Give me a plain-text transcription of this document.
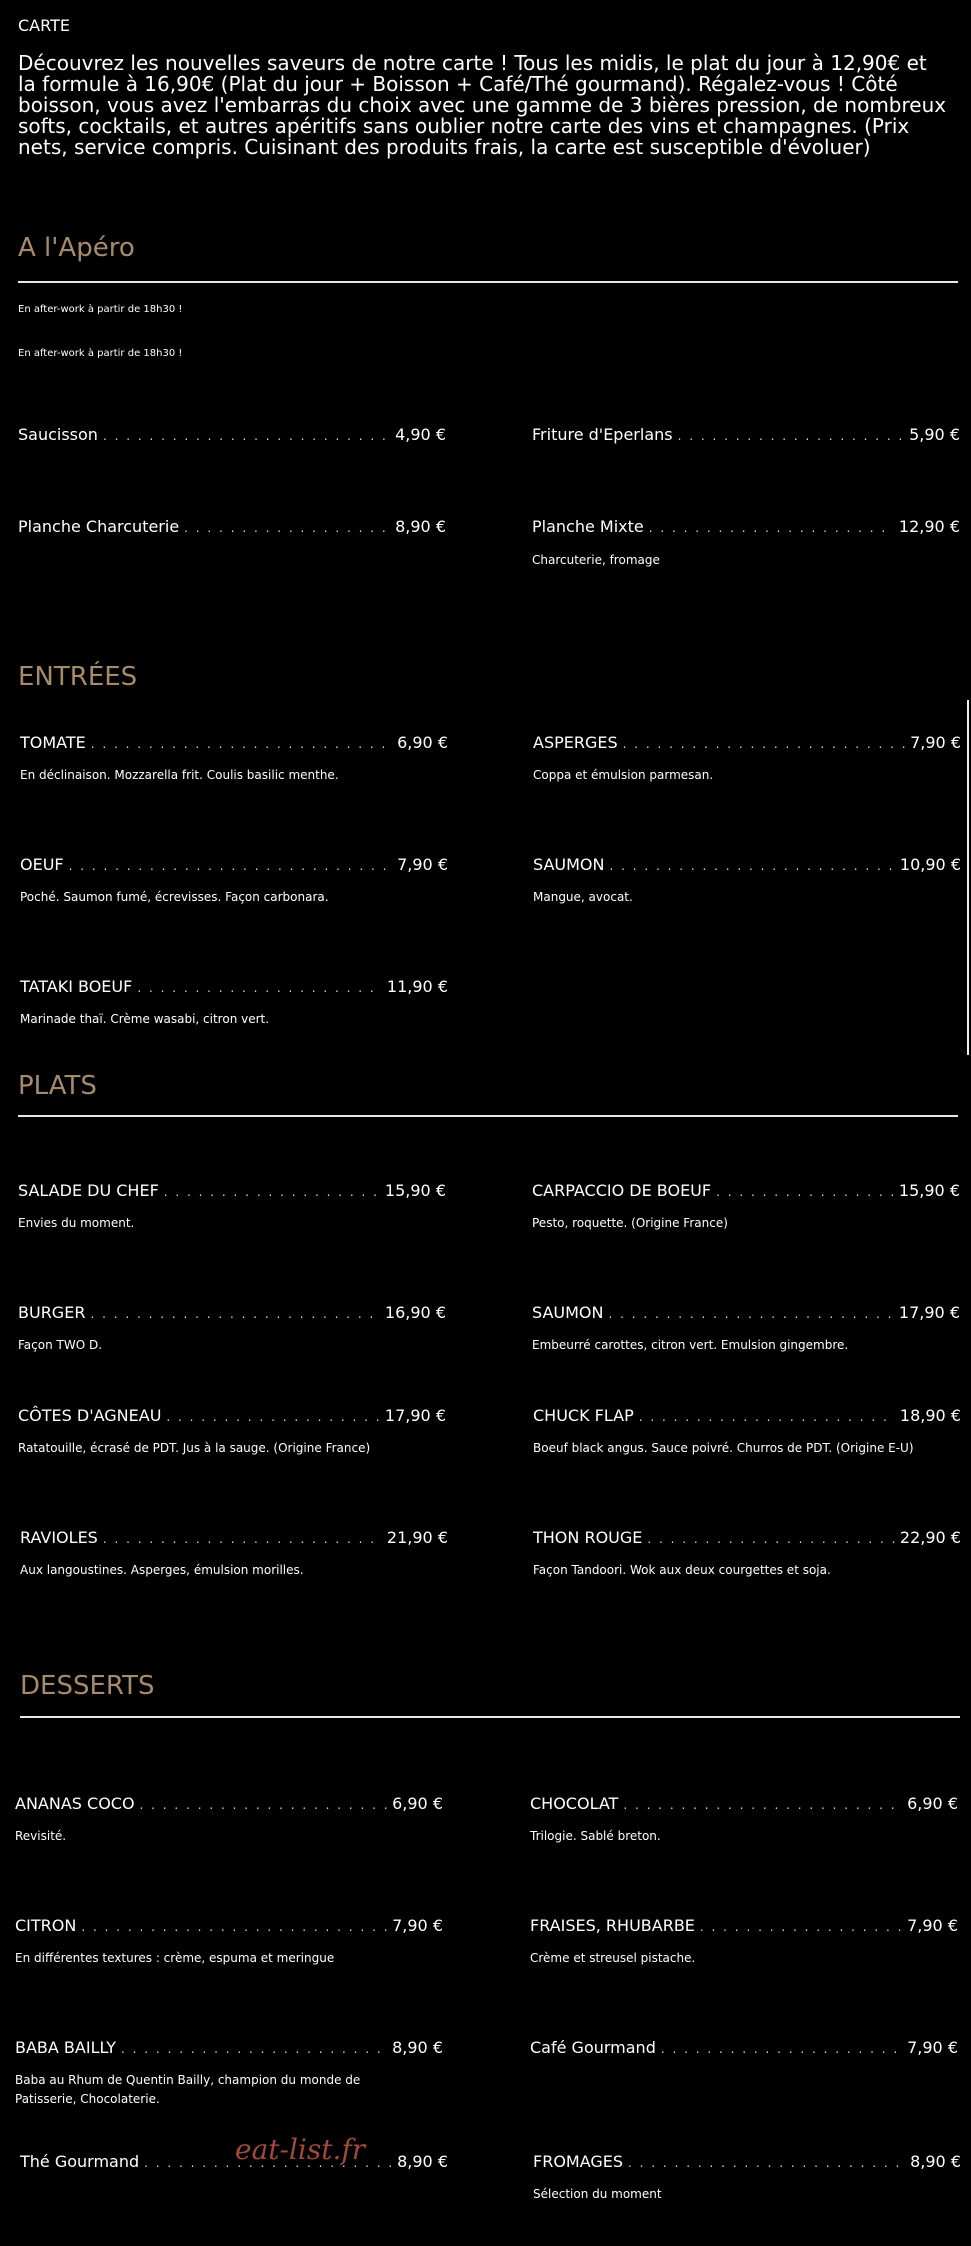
CARTE
Découvrez les nouvelles saveurs de notre carte ! Tous les midis, le plat du jour à 12,90€ et la formule à 16,90€ (Plat du jour + Boisson + Café/Thé gourmand). Régalez-vous ! Côté boisson, vous avez l'embarras du choix avec une gamme de 3 bières pression, de nombreux softs, cocktails, et autres apéritifs sans oublier notre carte des vins et champagnes. (Prix nets, service compris. Cuisinant des produits frais, la carte est susceptible d'évoluer)
A l'Apéro
En after-work à partir de 18h30 !
En after-work à partir de 18h30 !
Saucisson . . .	4,90 €	Friture d'Eperlans . . .	5,90 €
Planche Charcuterie . . .	8,90 €	Planche Mixte . . .	12,90 €
Charcuterie, fromage
ENTRÉES
TOMATE . . .	6,90 €
En déclinaison. Mozzarella frit. Coulis basilic menthe.
ASPERGES . . .	7,90 €
Coppa et émulsion parmesan.
OEUF . . .	7,90 €
Poché. Saumon fumé, écrevisses. Façon carbonara.
SAUMON . . .	10,90 €
Mangue, avocat.
TATAKI BOEUF . . .	11,90 €
Marinade thaï. Crème wasabi, citron vert.
PLATS
SALADE DU CHEF . . .	15,90 €
Envies du moment.
CARPACCIO DE BOEUF . . .	15,90 €
Pesto, roquette. (Origine France)
BURGER . . .	16,90 €
Façon TWO D.
SAUMON . . .	17,90 €
Embeurré carottes, citron vert. Emulsion gingembre.
CÔTES D'AGNEAU . . .	17,90 €
Ratatouille, écrasé de PDT. Jus à la sauge. (Origine France)
CHUCK FLAP . . .	18,90 €
Boeuf black angus. Sauce poivré. Churros de PDT. (Origine E-U)
RAVIOLES . . .	21,90 €
Aux langoustines. Asperges, émulsion morilles.
THON ROUGE . . .	22,90 €
Façon Tandoori. Wok aux deux courgettes et soja.
DESSERTS
ANANAS COCO . . .	6,90 €
Revisité.
CHOCOLAT . . .	6,90 €
Trilogie. Sablé breton.
CITRON . . .	7,90 €
En différentes textures : crème, espuma et meringue
FRAISES, RHUBARBE . . .	7,90 €
Crème et streusel pistache.
BABA BAILLY . . .	8,90 €
Baba au Rhum de Quentin Bailly, champion du monde de Patisserie, Chocolaterie.
Café Gourmand . . .	7,90 €
Thé Gourmand . . .	8,90 €	FROMAGES . . .	8,90 €
Sélection du moment
eat-list.fr
